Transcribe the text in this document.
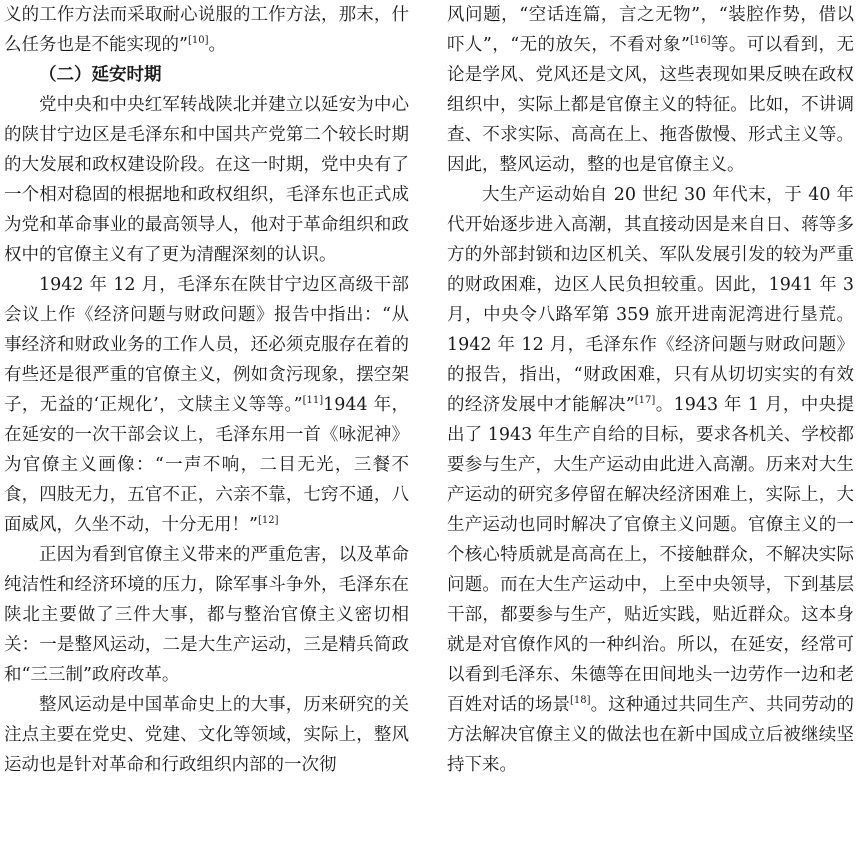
义的工作方法而采取耐心说服的工作方法，那末，什么任务也是不能实现的”[10]。

（二）延安时期

党中央和中央红军转战陕北并建立以延安为中心的陕甘宁边区是毛泽东和中国共产党第二个较长时期的大发展和政权建设阶段。在这一时期，党中央有了一个相对稳固的根据地和政权组织，毛泽东也正式成为党和革命事业的最高领导人，他对于革命组织和政权中的官僚主义有了更为清醒深刻的认识。

1942 年 12 月，毛泽东在陕甘宁边区高级干部会议上作《经济问题与财政问题》报告中指出：“从事经济和财政业务的工作人员，还必须克服存在着的有些还是很严重的官僚主义，例如贪污现象，摆空架子，无益的‘正规化’，文牍主义等等。”[11]1944 年，在延安的一次干部会议上，毛泽东用一首《咏泥神》为官僚主义画像：“一声不响，二目无光，三餐不食，四肢无力，五官不正，六亲不靠，七窍不通，八面威风，久坐不动，十分无用！”[12]

正因为看到官僚主义带来的严重危害，以及革命纯洁性和经济环境的压力，除军事斗争外，毛泽东在陕北主要做了三件大事，都与整治官僚主义密切相关：一是整风运动，二是大生产运动，三是精兵简政和“三三制”政府改革。

整风运动是中国革命史上的大事，历来研究的关注点主要在党史、党建、文化等领域，实际上，整风运动也是针对革命和行政组织内部的一次彻

风问题，“空话连篇，言之无物”，“装腔作势，借以吓人”，“无的放矢，不看对象”[16]等。可以看到，无论是学风、党风还是文风，这些表现如果反映在政权组织中，实际上都是官僚主义的特征。比如，不讲调查、不求实际、高高在上、拖沓傲慢、形式主义等。因此，整风运动，整的也是官僚主义。

大生产运动始自 20 世纪 30 年代末，于 40 年代开始逐步进入高潮，其直接动因是来自日、蒋等多方的外部封锁和边区机关、军队发展引发的较为严重的财政困难，边区人民负担较重。因此，1941 年 3 月，中央令八路军第 359 旅开进南泥湾进行垦荒。1942 年 12 月，毛泽东作《经济问题与财政问题》的报告，指出，“财政困难，只有从切切实实的有效的经济发展中才能解决”[17]。1943 年 1 月，中央提出了 1943 年生产自给的目标，要求各机关、学校都要参与生产，大生产运动由此进入高潮。历来对大生产运动的研究多停留在解决经济困难上，实际上，大生产运动也同时解决了官僚主义问题。官僚主义的一个核心特质就是高高在上，不接触群众，不解决实际问题。而在大生产运动中，上至中央领导，下到基层干部，都要参与生产，贴近实践，贴近群众。这本身就是对官僚作风的一种纠治。所以，在延安，经常可以看到毛泽东、朱德等在田间地头一边劳作一边和老百姓对话的场景[18]。这种通过共同生产、共同劳动的方法解决官僚主义的做法也在新中国成立后被继续坚持下来。
